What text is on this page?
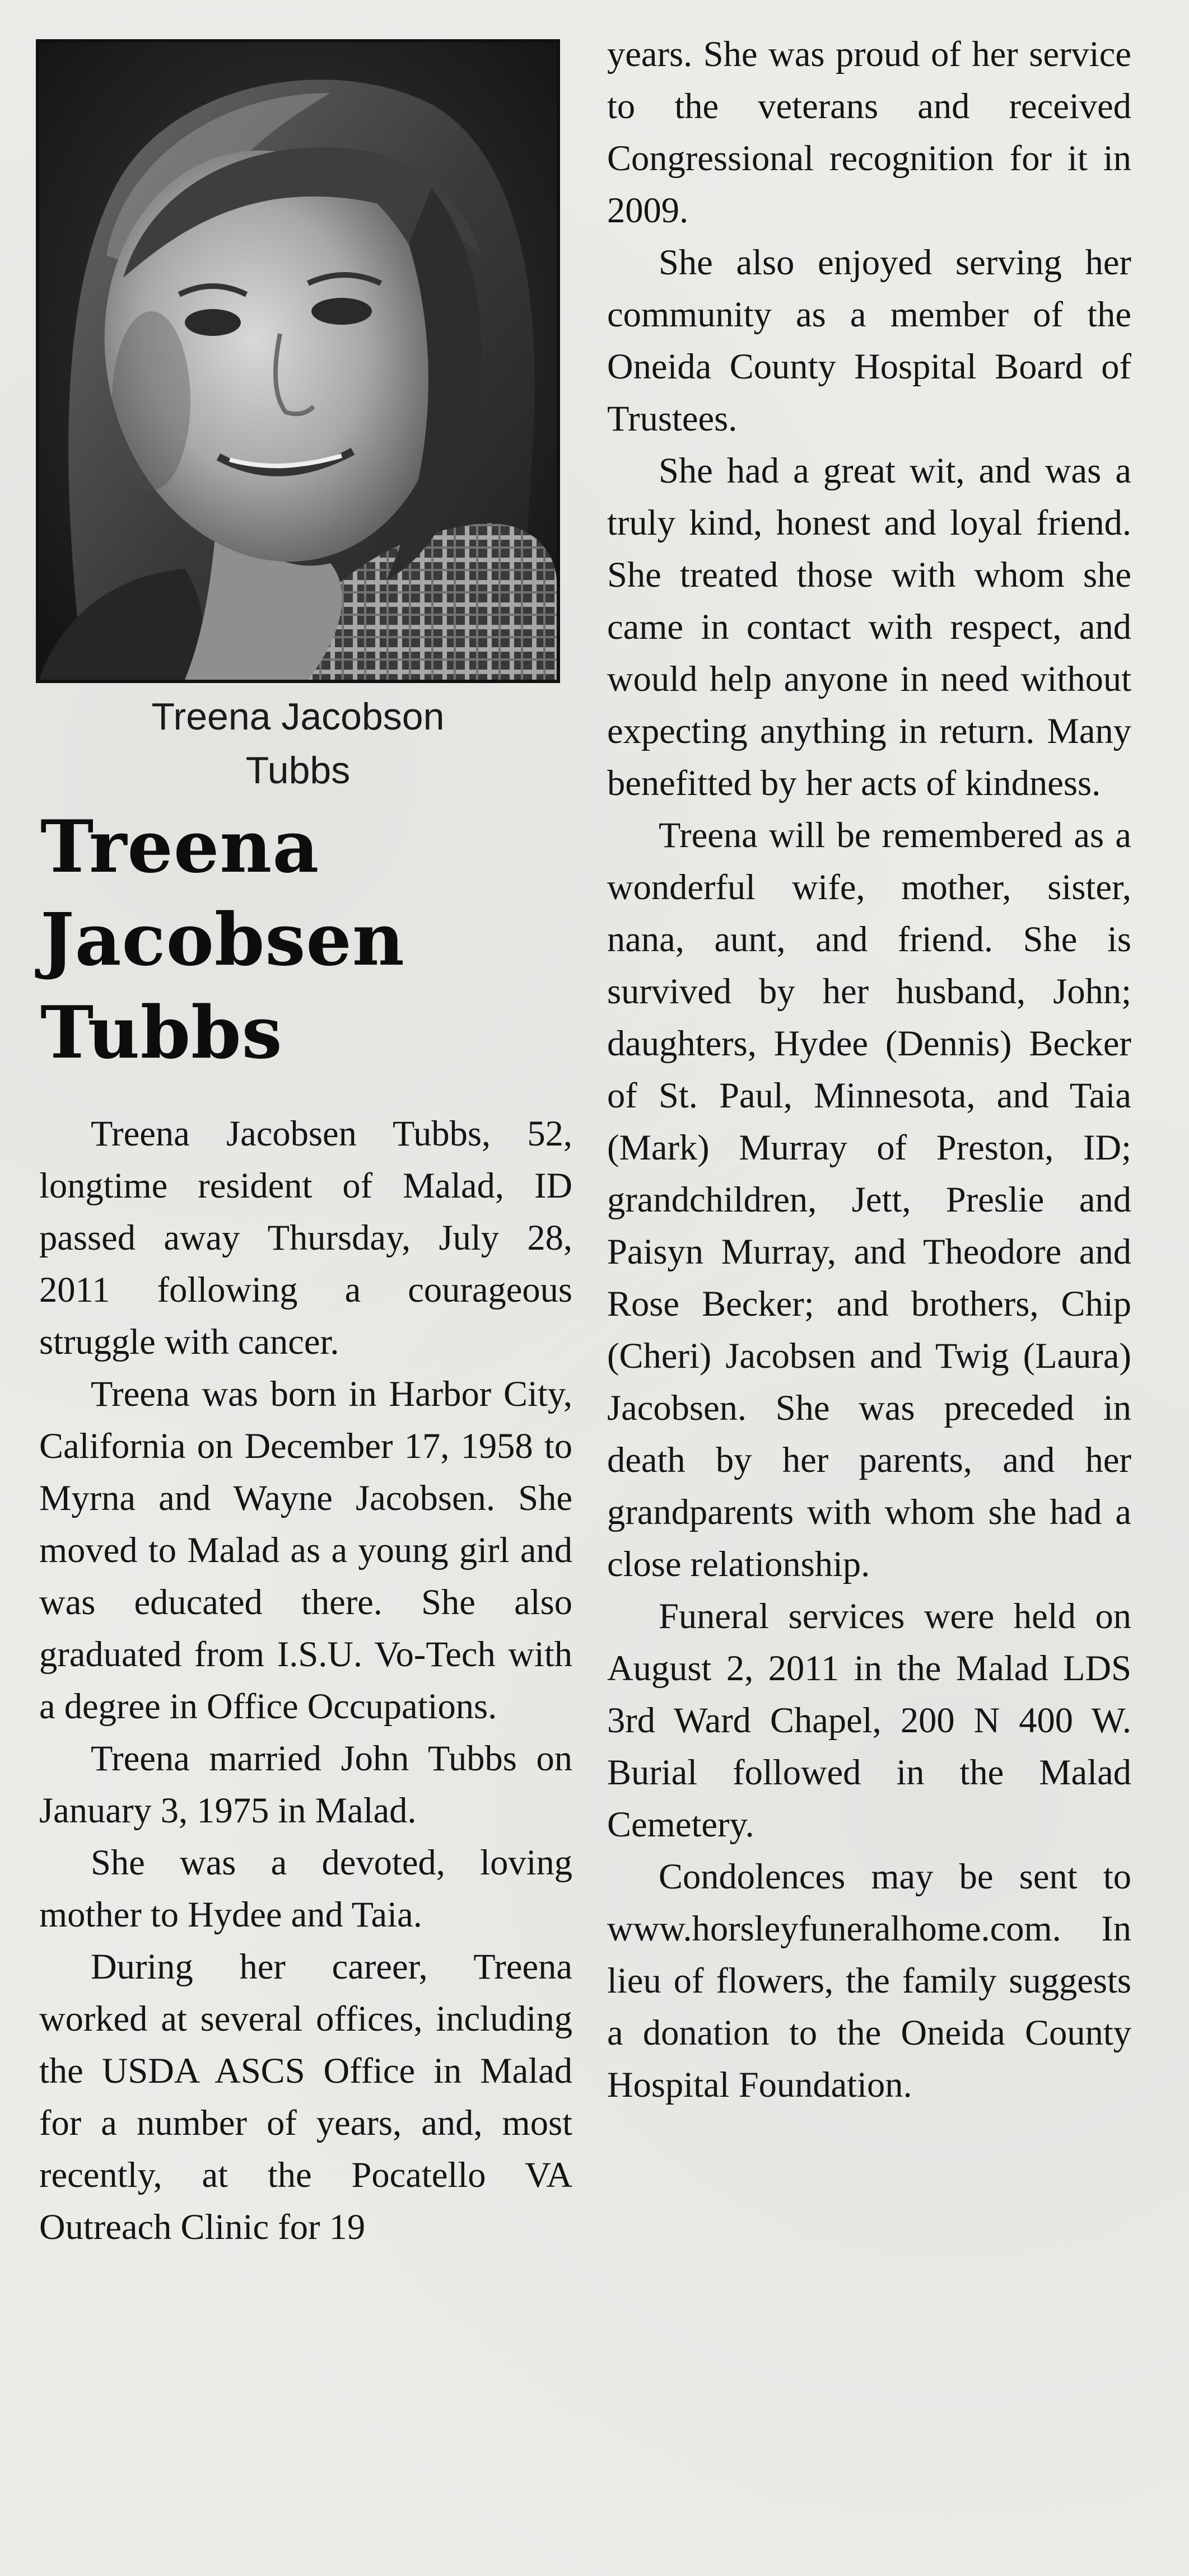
Treena Jacobson
Tubbs
Treena
Jacobsen
Tubbs

Treena Jacobsen Tubbs, 52, longtime resident of Malad, ID passed away Thursday, July 28, 2011 following a courageous struggle with cancer.

Treena was born in Harbor City, California on December 17, 1958 to Myrna and Wayne Jacobsen. She moved to Malad as a young girl and was educated there. She also graduated from I.S.U. Vo-Tech with a degree in Office Occupations.

Treena married John Tubbs on January 3, 1975 in Malad.

She was a devoted, loving mother to Hydee and Taia.

During her career, Treena worked at several offices, including the USDA ASCS Office in Malad for a number of years, and, most recently, at the Pocatello VA Outreach Clinic for 19

years. She was proud of her service to the veterans and received Congressional recognition for it in 2009.

She also enjoyed serving her community as a member of the Oneida County Hospital Board of Trustees.

She had a great wit, and was a truly kind, honest and loyal friend. She treated those with whom she came in contact with respect, and would help anyone in need without expecting anything in return. Many benefitted by her acts of kindness.

Treena will be remembered as a wonderful wife, mother, sister, nana, aunt, and friend. She is survived by her husband, John; daughters, Hydee (Dennis) Becker of St. Paul, Minnesota, and Taia (Mark) Murray of Preston, ID; grandchildren, Jett, Preslie and Paisyn Murray, and Theodore and Rose Becker; and brothers, Chip (Cheri) Jacobsen and Twig (Laura) Jacobsen. She was preceded in death by her parents, and her grandparents with whom she had a close relationship.

Funeral services were held on August 2, 2011 in the Malad LDS 3rd Ward Chapel, 200 N 400 W. Burial followed in the Malad Cemetery.

Condolences may be sent to www.horsleyfuneralhome.com. In lieu of flowers, the family suggests a donation to the Oneida County Hospital Foundation.
